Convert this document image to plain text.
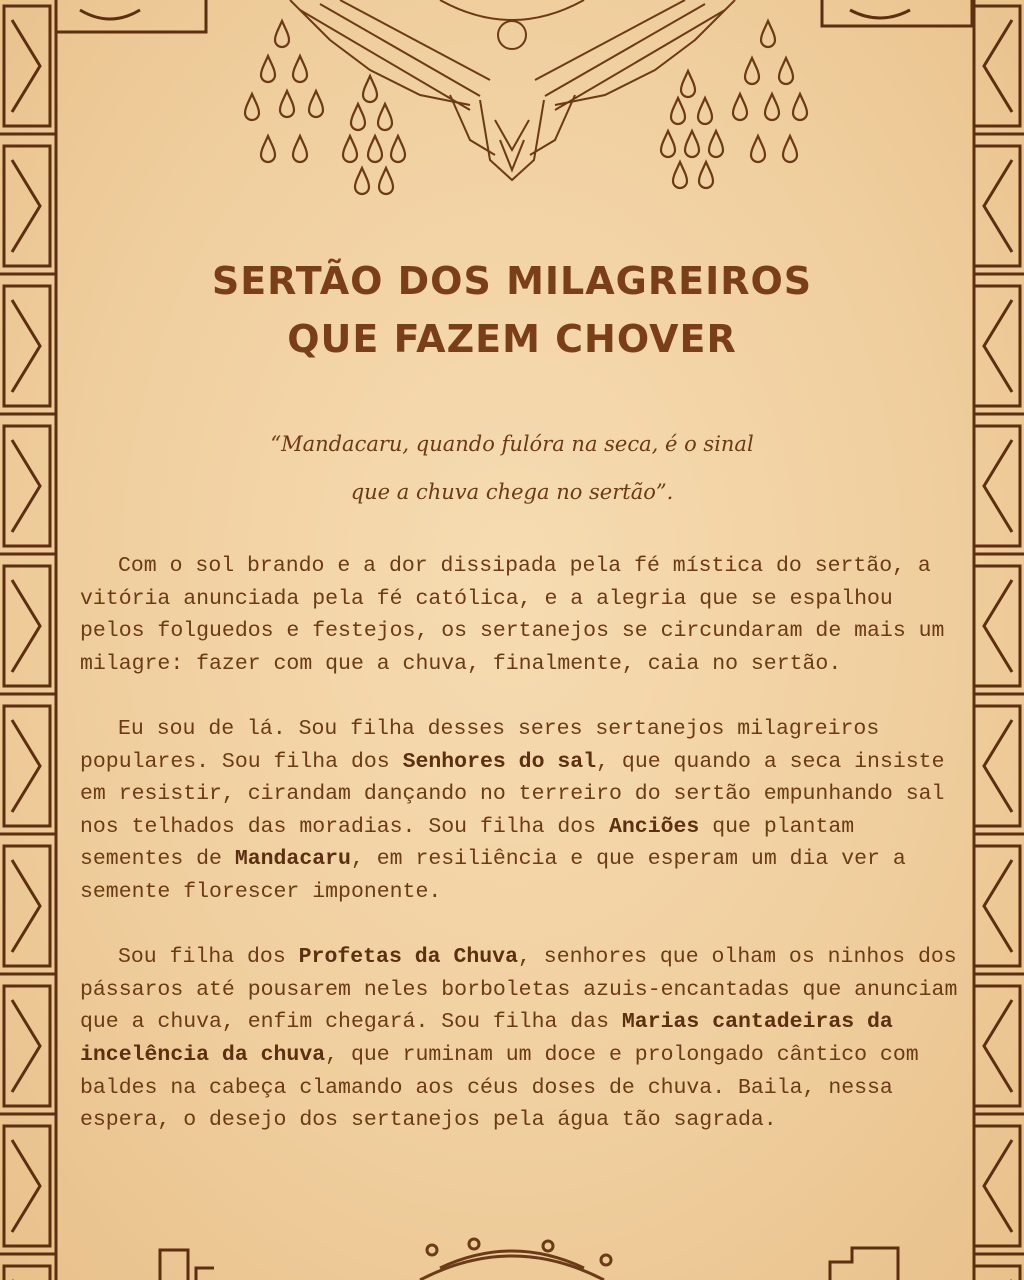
SERTÃO DOS MILAGREIROS
QUE FAZEM CHOVER
“Mandacaru, quando fulóra na seca, é o sinal
que a chuva chega no sertão”.

Com o sol brando e a dor dissipada pela fé mística do sertão, a vitória anunciada pela fé católica, e a alegria que se espalhou pelos folguedos e festejos, os sertanejos se circundaram de mais um milagre: fazer com que a chuva, finalmente, caia no sertão.

Eu sou de lá. Sou filha desses seres sertanejos milagreiros populares. Sou filha dos Senhores do sal, que quando a seca insiste em resistir, cirandam dançando no terreiro do sertão empunhando sal nos telhados das moradias. Sou filha dos Anciões que plantam sementes de Mandacaru, em resiliência e que esperam um dia ver a semente florescer imponente.

Sou filha dos Profetas da Chuva, senhores que olham os ninhos dos pássaros até pousarem neles borboletas azuis-encantadas que anunciam que a chuva, enfim chegará. Sou filha das Marias cantadeiras da incelência da chuva, que ruminam um doce e prolongado cântico com baldes na cabeça clamando aos céus doses de chuva. Baila, nessa espera, o desejo dos sertanejos pela água tão sagrada.
